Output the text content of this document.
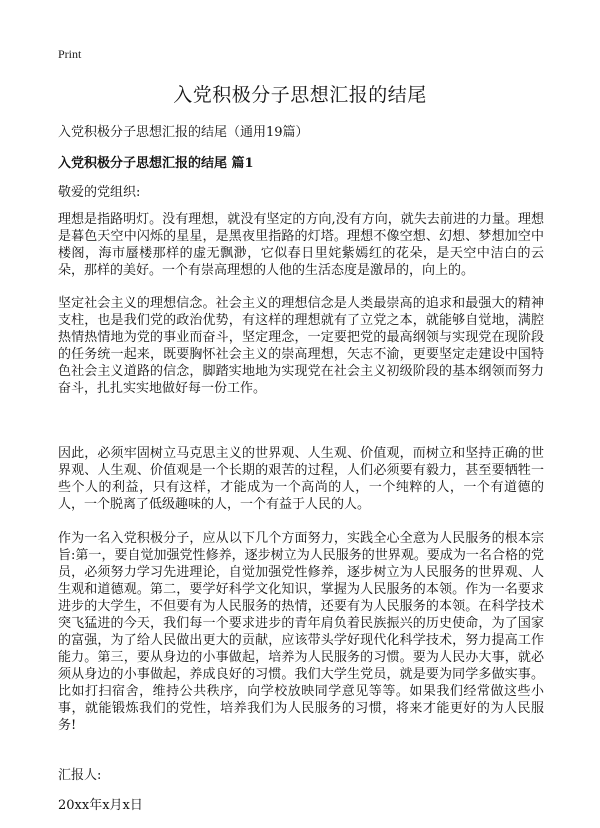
Print
入党积极分子思想汇报的结尾
入党积极分子思想汇报的结尾（通用19篇）
入党积极分子思想汇报的结尾 篇1
敬爱的党组织:

理想是指路明灯。没有理想，就没有坚定的方向,没有方向，就失去前进的力量。理想是暮色天空中闪烁的星星，是黑夜里指路的灯塔。理想不像空想、幻想、梦想加空中楼阁，海市蜃楼那样的虚无飘渺，它似春日里姹紫嫣红的花朵，是天空中洁白的云朵，那样的美好。一个有崇高理想的人他的生活态度是激昂的，向上的。

坚定社会主义的理想信念。社会主义的理想信念是人类最崇高的追求和最强大的精神支柱，也是我们党的政治优势，有这样的理想就有了立党之本，就能够自觉地，满腔热情热情地为党的事业而奋斗，坚定理念，一定要把党的最高纲领与实现党在现阶段的任务统一起来，既要胸怀社会主义的崇高理想，矢志不渝，更要坚定走建设中国特色社会主义道路的信念，脚踏实地地为实现党在社会主义初级阶段的基本纲领而努力奋斗，扎扎实实地做好每一份工作。

因此，必须牢固树立马克思主义的世界观、人生观、价值观，而树立和坚持正确的世界观、人生观、价值观是一个长期的艰苦的过程，人们必须要有毅力，甚至要牺牲一些个人的利益，只有这样，才能成为一个高尚的人，一个纯粹的人，一个有道德的人，一个脱离了低级趣味的人，一个有益于人民的人。

作为一名入党积极分子，应从以下几个方面努力，实践全心全意为人民服务的根本宗旨:第一，要自觉加强党性修养，逐步树立为人民服务的世界观。要成为一名合格的党员，必须努力学习先进理论，自觉加强党性修养，逐步树立为人民服务的世界观、人生观和道德观。第二，要学好科学文化知识，掌握为人民服务的本领。作为一名要求进步的大学生，不但要有为人民服务的热情，还要有为人民服务的本领。在科学技术突飞猛进的今天，我们每一个要求进步的青年肩负着民族振兴的历史使命，为了国家的富强，为了给人民做出更大的贡献，应该带头学好现代化科学技术，努力提高工作能力。第三，要从身边的小事做起，培养为人民服务的习惯。要为人民办大事，就必须从身边的小事做起，养成良好的习惯。我们大学生党员，就是要为同学多做实事。比如打扫宿舍，维持公共秩序，向学校放映同学意见等等。如果我们经常做这些小事，就能锻炼我们的党性，培养我们为人民服务的习惯，将来才能更好的为人民服务!

汇报人:
20xx年x月x日
